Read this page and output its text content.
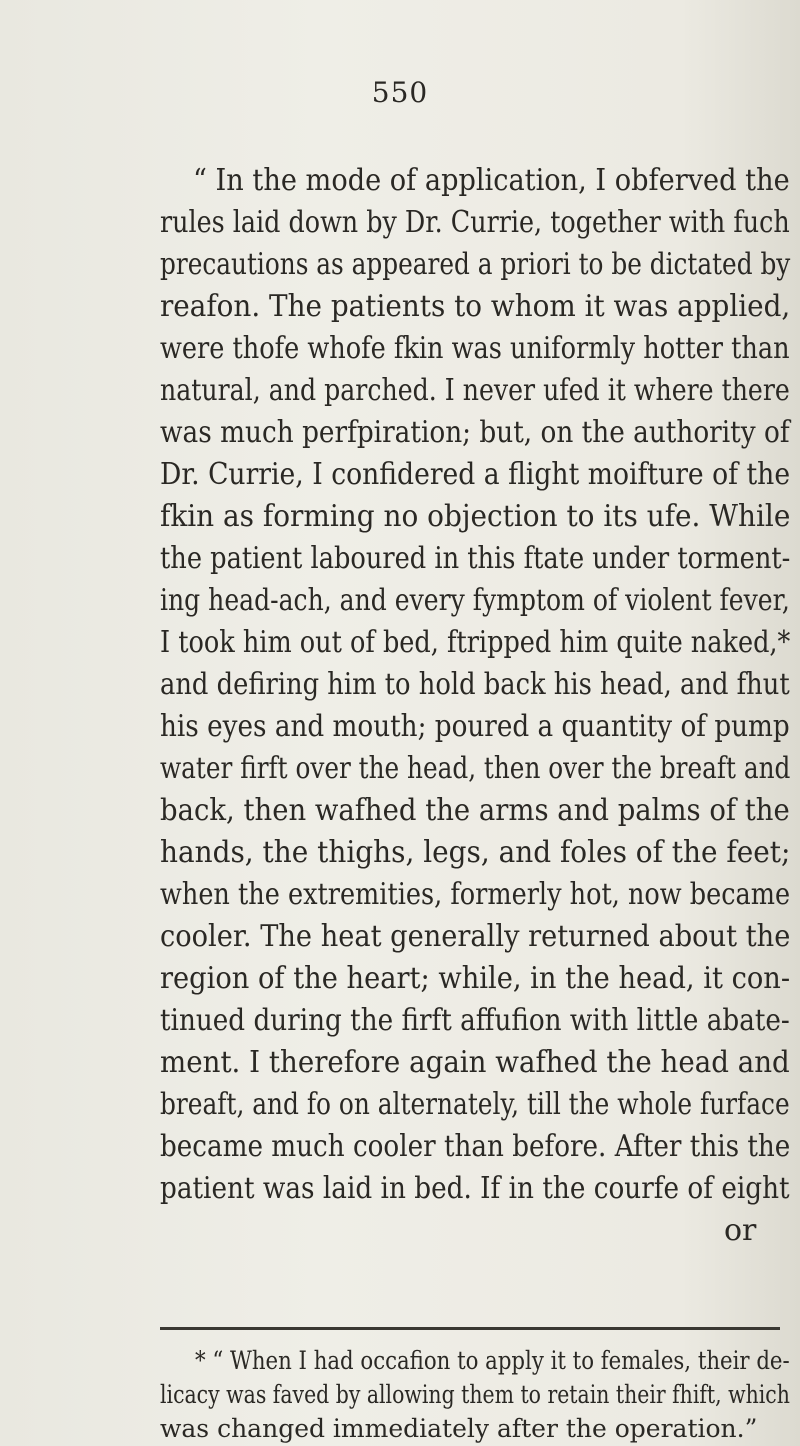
550
“ In the mode of application, I obferved the
rules laid down by Dr. Currie, together with fuch
precautions as appeared a priori to be dictated by
reafon. The patients to whom it was applied,
were thofe whofe fkin was uniformly hotter than
natural, and parched. I never ufed it where there
was much perfpiration; but, on the authority of
Dr. Currie, I confidered a flight moifture of the
fkin as forming no objection to its ufe. While
the patient laboured in this ftate under torment-
ing head-ach, and every fymptom of violent fever,
I took him out of bed, ftripped him quite naked,*
and defiring him to hold back his head, and fhut
his eyes and mouth; poured a quantity of pump
water firft over the head, then over the breaft and
back, then wafhed the arms and palms of the
hands, the thighs, legs, and foles of the feet;
when the extremities, formerly hot, now became
cooler. The heat generally returned about the
region of the heart; while, in the head, it con-
tinued during the firft affufion with little abate-
ment. I therefore again wafhed the head and
breaft, and fo on alternately, till the whole furface
became much cooler than before. After this the
patient was laid in bed. If in the courfe of eight
or
* “ When I had occafion to apply it to females, their de-
licacy was faved by allowing them to retain their fhift, which
was changed immediately after the operation.”
